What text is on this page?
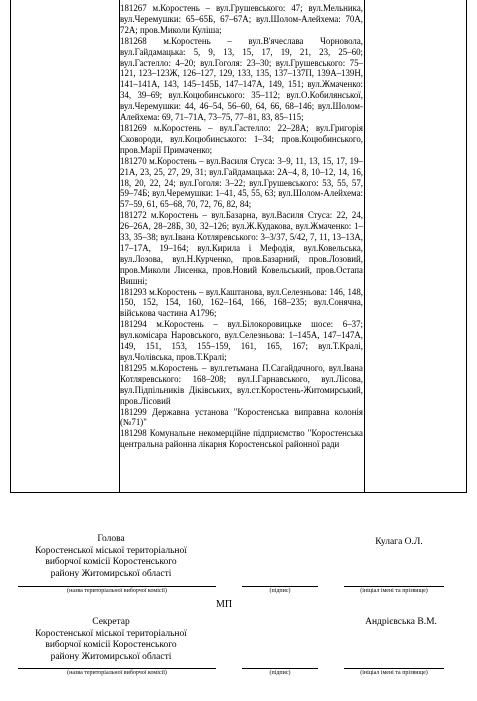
181267 м.Коростень – вул.Грушевського: 47; вул.Мельника, вул.Черемушки: 65–65Б, 67–67А; вул.Шолом-Алейхема: 70А, 72А; пров.Миколи Куліша;
181268 м.Коростень – вул.В'ячеслава Чорновола, вул.Гайдамацька: 5, 9, 13, 15, 17, 19, 21, 23, 25–60; вул.Гастелло: 4–20; вул.Гоголя: 23–30; вул.Грушевського: 75–121, 123–123Ж, 126–127, 129, 133, 135, 137–137П, 139А–139Н, 141–141А, 143, 145–145Б, 147–147А, 149, 151; вул.Жмаченко: 34, 39–69; вул.Коцюбинського: 35–112; вул.О.Кобилянської, вул.Черемушки: 44, 46–54, 56–60, 64, 66, 68–146; вул.Шолом-Алейхема: 69, 71–71А, 73–75, 77–81, 83, 85–115;
181269 м.Коростень – вул.Гастелло: 22–28А; вул.Григорія Сковороди, вул.Коцюбинського: 1–34; пров.Коцюбинського, пров.Марії Примаченко;
181270 м.Коростень – вул.Василя Стуса: 3–9, 11, 13, 15, 17, 19–21А, 23, 25, 27, 29, 31; вул.Гайдамацька: 2А–4, 8, 10–12, 14, 16, 18, 20, 22, 24; вул.Гоголя: 3–22; вул.Грушевського: 53, 55, 57, 59–74Б; вул.Черемушки: 1–41, 45, 55, 63; вул.Шолом-Алейхема: 57–59, 61, 65–68, 70, 72, 76, 82, 84;
181272 м.Коростень – вул.Базарна, вул.Василя Стуса: 22, 24, 26–26А, 28–28Б, 30, 32–126; вул.Ж.Кудакова, вул.Жмаченко: 1–33, 35–38; вул.Івана Котляревського: 3–3/37, 5/42, 7, 11, 13–13А, 17–17А, 19–164; вул.Кирила і Мефодія, вул.Ковельська, вул.Лозова, вул.Н.Курченко, пров.Базарний, пров.Лозовий, пров.Миколи Лисенка, пров.Новий Ковельський, пров.Остапа Вишні;
181293 м.Коростень – вул.Каштанова, вул.Селезньова: 146, 148, 150, 152, 154, 160, 162–164, 166, 168–235; вул.Сонячна, військова частина А1796;
181294 м.Коростень – вул.Білокоровицьке шосе: 6–37; вул.комісара Наровського, вул.Селезньова: 1–145А, 147–147А, 149, 151, 153, 155–159, 161, 165, 167; вул.Т.Кралі, вул.Чолівська, пров.Т.Кралі;
181295 м.Коростень – вул.гетьмана П.Сагайдачного, вул.Івана Котляревського: 168–208; вул.І.Гарнавського, вул.Лісова, вул.Підпільників Діківських, вул.ст.Коростень-Житомирський, пров.Лісовий
181299 Державна установа "Коростенська виправна колонія (№71)"
181298 Комунальне некомерційне підприємство "Коростенська центральна районна лікарня Коростенської районної ради
Голова
Коростенської міської територіальної
виборчої комісії Коростенського
району Житомирської області
Кулага О.Л.
(назва територіальної виборчої комісії)	(підпис)	(ініціал імені та прізвище)
МП
Секретар
Коростенської міської територіальної
виборчої комісії Коростенського
району Житомирської області
Андрієвська В.М.
(назва територіальної виборчої комісії)	(підпис)	(ініціал імені та прізвище)
